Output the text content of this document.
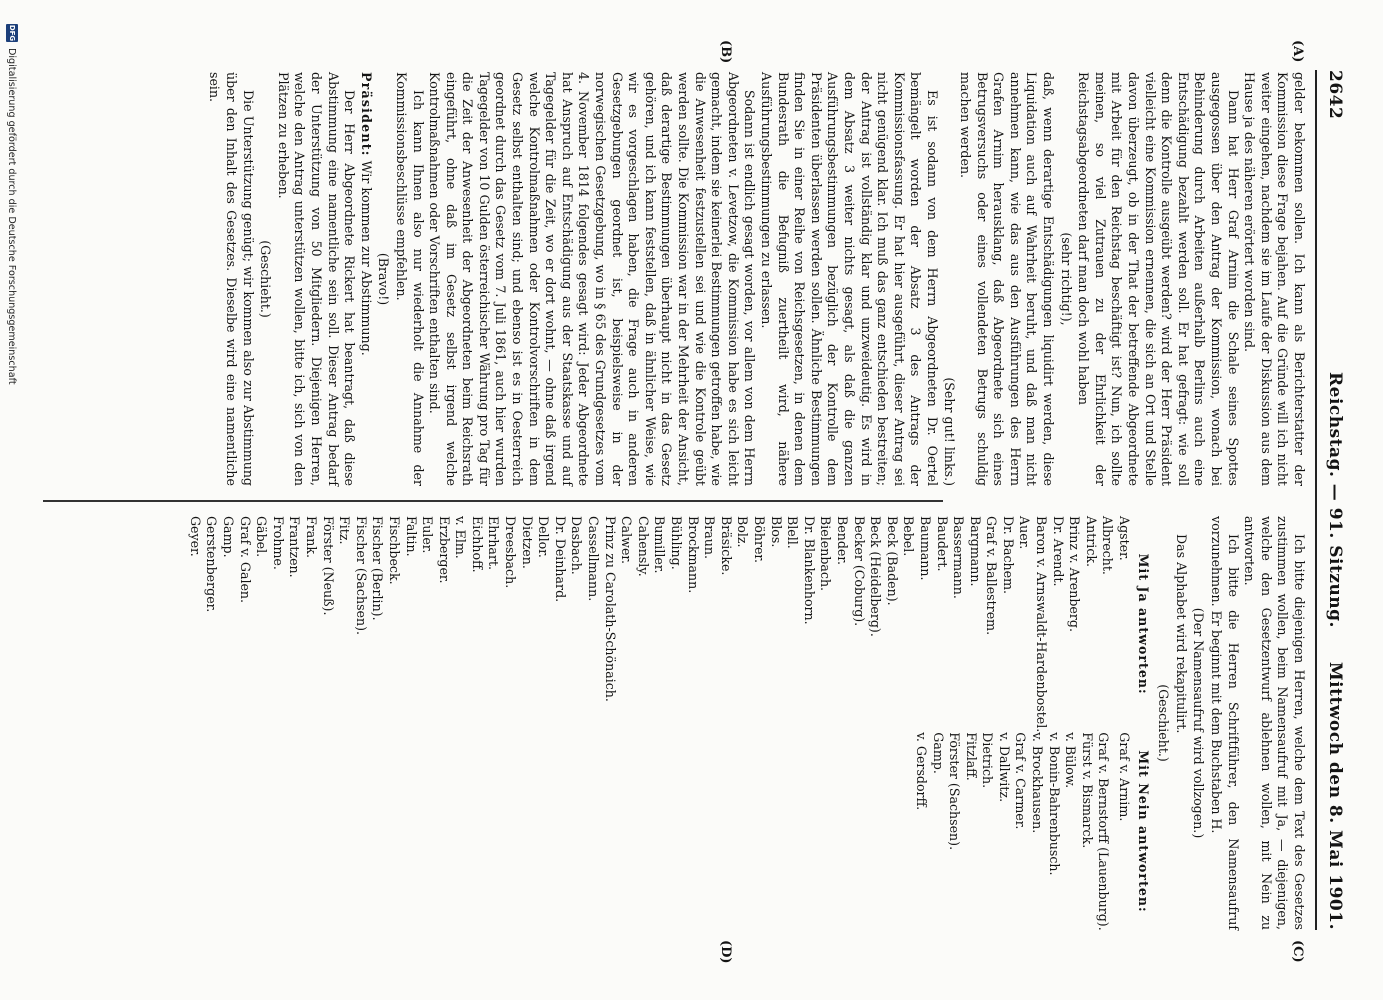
2642
Reichstag. — 91. Sitzung.
Mittwoch den 8. Mai 1901.
(A)
(B)
(C)
(D)

gelder bekommen sollen. Ich kann als Berichterstatter der Kommission diese Frage bejahen. Auf die Gründe will ich nicht weiter eingehen, nachdem sie im Laufe der Diskussion aus dem Hause ja des näheren erörtert worden sind.

Dann hat Herr Graf Arnim die Schale seines Spottes ausgegossen über den Antrag der Kommission, wonach bei Behinderung durch Arbeiten außerhalb Berlins auch eine Entschädigung bezahlt werden soll. Er hat gefragt: wie soll denn die Kontrolle ausgeübt werden? wird der Herr Präsident vielleicht eine Kommission ernennen, die sich an Ort und Stelle davon überzeugt, ob in der That der betreffende Abgeordnete mit Arbeit für den Reichstag beschäftigt ist? Nun, ich sollte meinen, so viel Zutrauen zu der Ehrlichkeit der Reichstagsabgeordneten darf man doch wohl haben

(sehr richtig!),

daß, wenn derartige Entschädigungen liquidirt werden, diese Liquidation auch auf Wahrheit beruht, und daß man nicht annehmen kann, wie das aus den Ausführungen des Herrn Grafen Arnim herausklang, daß Abgeordnete sich eines Betrugsversuchs oder eines vollendeten Betrugs schuldig machen werden.

(Sehr gut! links.)

Es ist sodann von dem Herrn Abgeordneten Dr. Oertel bemängelt worden der Absatz 3 des Antrags der Kommissionsfassung. Er hat hier ausgeführt, dieser Antrag sei nicht genügend klar. Ich muß das ganz entschieden bestreiten; der Antrag ist vollständig klar und unzweideutig. Es wird in dem Absatz 3 weiter nichts gesagt, als daß die ganzen Ausführungsbestimmungen bezüglich der Kontrolle dem Präsidenten überlassen werden sollen. Ähnliche Bestimmungen finden Sie in einer Reihe von Reichsgesetzen, in denen dem Bundesrath die Befugniß zuertheilt wird, nähere Ausführungsbestimmungen zu erlassen.

Sodann ist endlich gesagt worden, vor allem von dem Herrn Abgeordneten v. Levetzow, die Kommission habe es sich leicht gemacht, indem sie keinerlei Bestimmungen getroffen habe, wie die Anwesenheit festzustellen sei und wie die Kontrole geübt werden sollte. Die Kommission war in der Mehrheit der Ansicht, daß derartige Bestimmungen überhaupt nicht in das Gesetz gehören, und ich kann feststellen, daß in ähnlicher Weise, wie wir es vorgeschlagen haben, die Frage auch in anderen Gesetzgebungen geordnet ist, beispielsweise in der norwegischen Gesetzgebung, wo in § 65 des Grundgesetzes vom 4. November 1814 folgendes gesagt wird: Jeder Abgeordnete hat Anspruch auf Entschädigung aus der Staatskasse und auf Tagegelder für die Zeit, wo er dort wohnt, — ohne daß irgend welche Kontrolmaßnahmen oder Kontrolvorschriften in dem Gesetz selbst enthalten sind; und ebenso ist es in Oesterreich geordnet durch das Gesetz vom 7. Juli 1861, auch hier wurden Tagegelder von 10 Gulden österreichischer Währung pro Tag für die Zeit der Anwesenheit der Abgeordneten beim Reichsrath eingeführt, ohne daß im Gesetz selbst irgend welche Kontrolmaßnahmen oder Vorschriften enthalten sind.

Ich kann Ihnen also nur wiederholt die Annahme der Kommissionsbeschlüsse empfehlen.

(Bravo!)

Präsident: Wir kommen zur Abstimmung.

Der Herr Abgeordnete Rickert hat beantragt, daß diese Abstimmung eine namentliche sein soll. Dieser Antrag bedarf der Unterstützung von 50 Mitgliedern. Diejenigen Herren, welche den Antrag unterstützen wollen, bitte ich, sich von den Plätzen zu erheben.

(Geschieht.)

Die Unterstützung genügt; wir kommen also zur Abstimmung über den Inhalt des Gesetzes. Dieselbe wird eine namentliche sein.

Ich bitte diejenigen Herren, welche dem Text des Gesetzes zustimmen wollen, beim Namensaufruf mit Ja, — diejenigen, welche den Gesetzentwurf ablehnen wollen, mit Nein zu antworten.

Ich bitte die Herren Schriftführer, den Namensaufruf vorzunehmen. Er beginnt mit dem Buchstaben H.

(Der Namensaufruf wird vollzogen.)

Das Alphabet wird rekapitulirt.

(Geschieht.)

Mit Ja antworten:
Agster.
Albrecht.
Antrick.
Brinz v. Arenberg.
Dr. Arendt.
Baron v. Arnswaldt-Hardenbostel.
Auer.
Dr. Bachem.
Graf v. Ballestrem.
Bargmann.
Bassermann.
Baudert.
Baumann.
Bebel.
Beck (Baden).
Beck (Heidelberg).
Becker (Coburg).
Bender.
Bielenbach.
Dr. Blankenhorn.
Blell.
Blos.
Böhrer.
Bolz.
Bräsicke.
Braun.
Brockmann.
Bühling.
Bumiller.
Cahensly.
Calwer.
Prinz zu Carolath-Schönaich.
Cassellmann.
Dasbach.
Dr. Deinhard.
Dellor.
Dietzen.
Dreesbach.
Ehrhart.
Eichhoff.
v. Elm.
Erzberger.
Euler.
Faltin.
Fischbeck.
Fischer (Berlin).
Fischer (Sachsen).
Fitz.
Förster (Neuß).
Frank.
Frantzen.
Frohme.
Gäbel.
Graf v. Galen.
Gamp.
Gerstenberger.
Geyer.
Mit Nein antworten:
Graf v. Arnim.
Graf v. Bernstorff (Lauenburg).
Fürst v. Bismarck.
v. Bülow.
v. Bonin-Bahrenbusch.
v. Brockhausen.
Graf v. Carmer.
v. Dallwitz.
Dietrich.
Fitzlaff.
Förster (Sachsen).
Gamp.
v. Gersdorff.
DFG
Digitalisierung gefördert durch die Deutsche Forschungsgemeinschaft
